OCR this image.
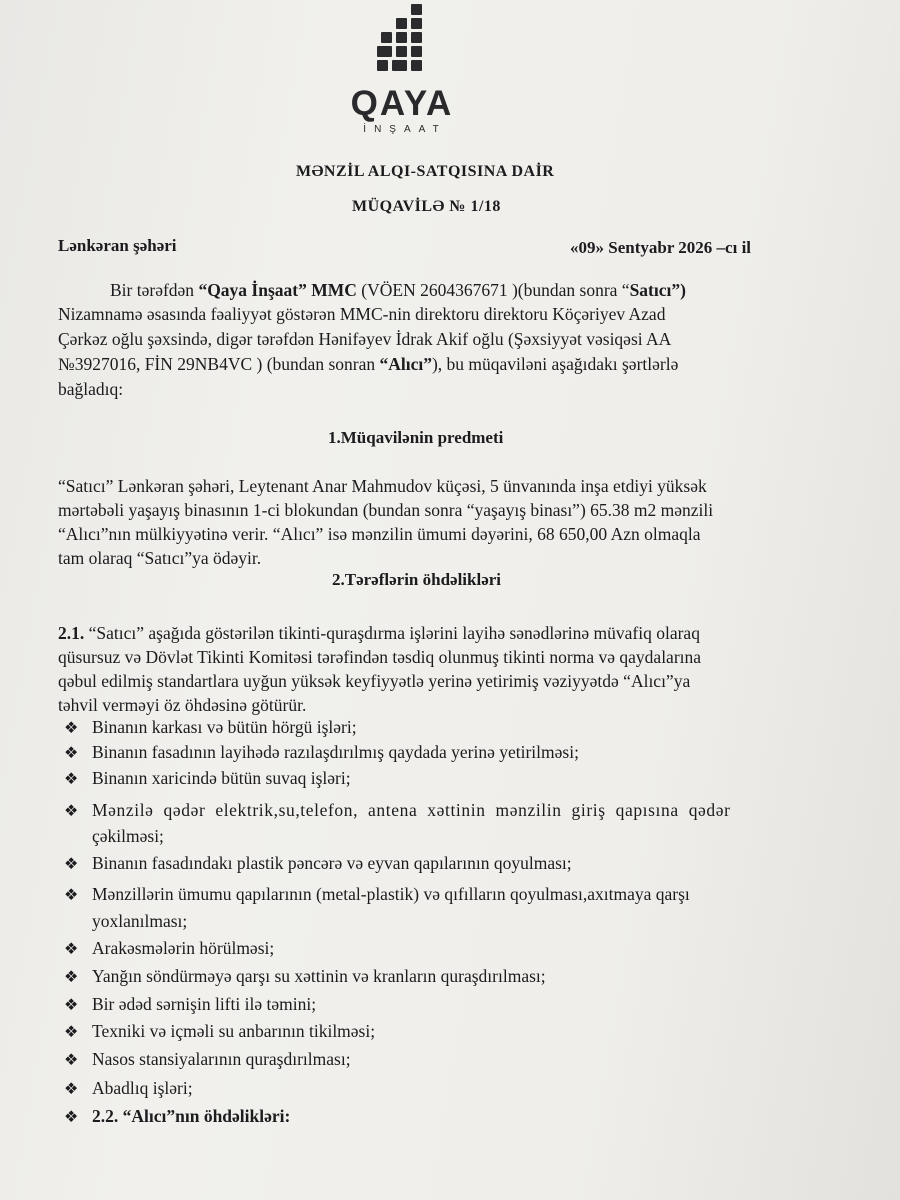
QAYA
İNŞAAT
MƏNZİL ALQI-SATQISINA DAİR
MÜQAVİLƏ № 1/18
Lənkəran şəhəri	«09» Sentyabr 2026 –cı il
Bir tərəfdən “Qaya İnşaat” MMC (VÖEN 2604367671 )(bundan sonra “Satıcı”)
Nizamnamə əsasında fəaliyyət göstərən MMC-nin direktoru direktoru Köçəriyev Azad
Çərkəz oğlu şəxsində, digər tərəfdən Hənifəyev İdrak Akif oğlu (Şəxsiyyət vəsiqəsi AA
№3927016, FİN 29NB4VC ) (bundan sonran “Alıcı”), bu müqaviləni aşağıdakı şərtlərlə
bağladıq:
1.Müqavilənin predmeti
“Satıcı” Lənkəran şəhəri, Leytenant Anar Mahmudov küçəsi, 5 ünvanında inşa etdiyi yüksək
mərtəbəli yaşayış binasının 1-ci blokundan (bundan sonra “yaşayış binası”) 65.38 m2 mənzili
“Alıcı”nın mülkiyyətinə verir. “Alıcı” isə mənzilin ümumi dəyərini, 68 650,00 Azn olmaqla
tam olaraq “Satıcı”ya ödəyir.
2.Tərəflərin öhdəlikləri
2.1. “Satıcı” aşağıda göstərilən tikinti-quraşdırma işlərini layihə sənədlərinə müvafiq olaraq
qüsursuz və Dövlət Tikinti Komitəsi tərəfindən təsdiq olunmuş tikinti norma və qaydalarına
qəbul edilmiş standartlara uyğun yüksək keyfiyyətlə yerinə yetirimiş vəziyyətdə “Alıcı”ya
təhvil verməyi öz öhdəsinə götürür.
❖ Binanın karkası və bütün hörgü işləri;
❖ Binanın fasadının layihədə razılaşdırılmış qaydada yerinə yetirilməsi;
❖ Binanın xaricində bütün suvaq işləri;
❖ Mənzilə qədər elektrik,su,telefon, antena xəttinin mənzilin giriş qapısına qədər
çəkilməsi;
❖ Binanın fasadındakı plastik pəncərə və eyvan qapılarının qoyulması;
❖ Mənzillərin ümumu qapılarının (metal-plastik) və qıfılların qoyulması,axıtmaya qarşı
yoxlanılması;
❖ Arakəsmələrin hörülməsi;
❖ Yanğın söndürməyə qarşı su xəttinin və kranların quraşdırılması;
❖ Bir ədəd sərnişin lifti ilə təmini;
❖ Texniki və içməli su anbarının tikilməsi;
❖ Nasos stansiyalarının quraşdırılması;
❖ Abadlıq işləri;
❖ 2.2. “Alıcı”nın öhdəlikləri:
